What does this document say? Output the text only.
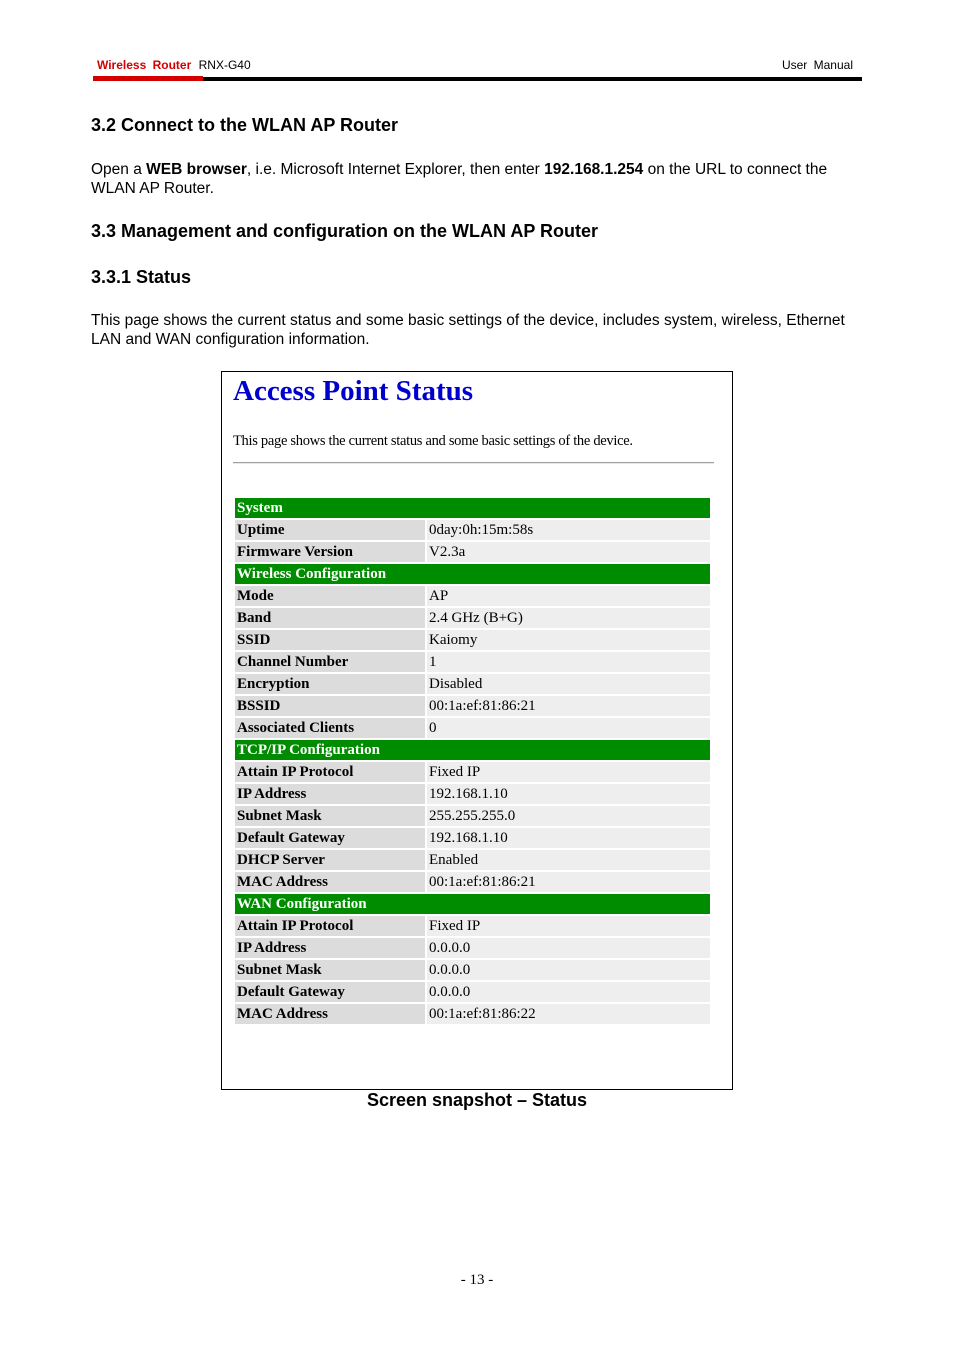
Wireless Router RNX-G40	User Manual
3.2 Connect to the WLAN AP Router

Open a WEB browser, i.e. Microsoft Internet Explorer, then enter 192.168.1.254 on the URL to connect the WLAN AP Router.

3.3 Management and configuration on the WLAN AP Router
3.3.1 Status

This page shows the current status and some basic settings of the device, includes system, wireless, Ethernet LAN and WAN configuration information.

Access Point Status

This page shows the current status and some basic settings of the device.

System	
Uptime	0day:0h:15m:58s
Firmware Version	V2.3a
Wireless Configuration	
Mode	AP
Band	2.4 GHz (B+G)
SSID	Kaiomy
Channel Number	1
Encryption	Disabled
BSSID	00:1a:ef:81:86:21
Associated Clients	0
TCP/IP Configuration	
Attain IP Protocol	Fixed IP
IP Address	192.168.1.10
Subnet Mask	255.255.255.0
Default Gateway	192.168.1.10
DHCP Server	Enabled
MAC Address	00:1a:ef:81:86:21
WAN Configuration	
Attain IP Protocol	Fixed IP
IP Address	0.0.0.0
Subnet Mask	0.0.0.0
Default Gateway	0.0.0.0
MAC Address	00:1a:ef:81:86:22

Screen snapshot – Status

- 13 -
